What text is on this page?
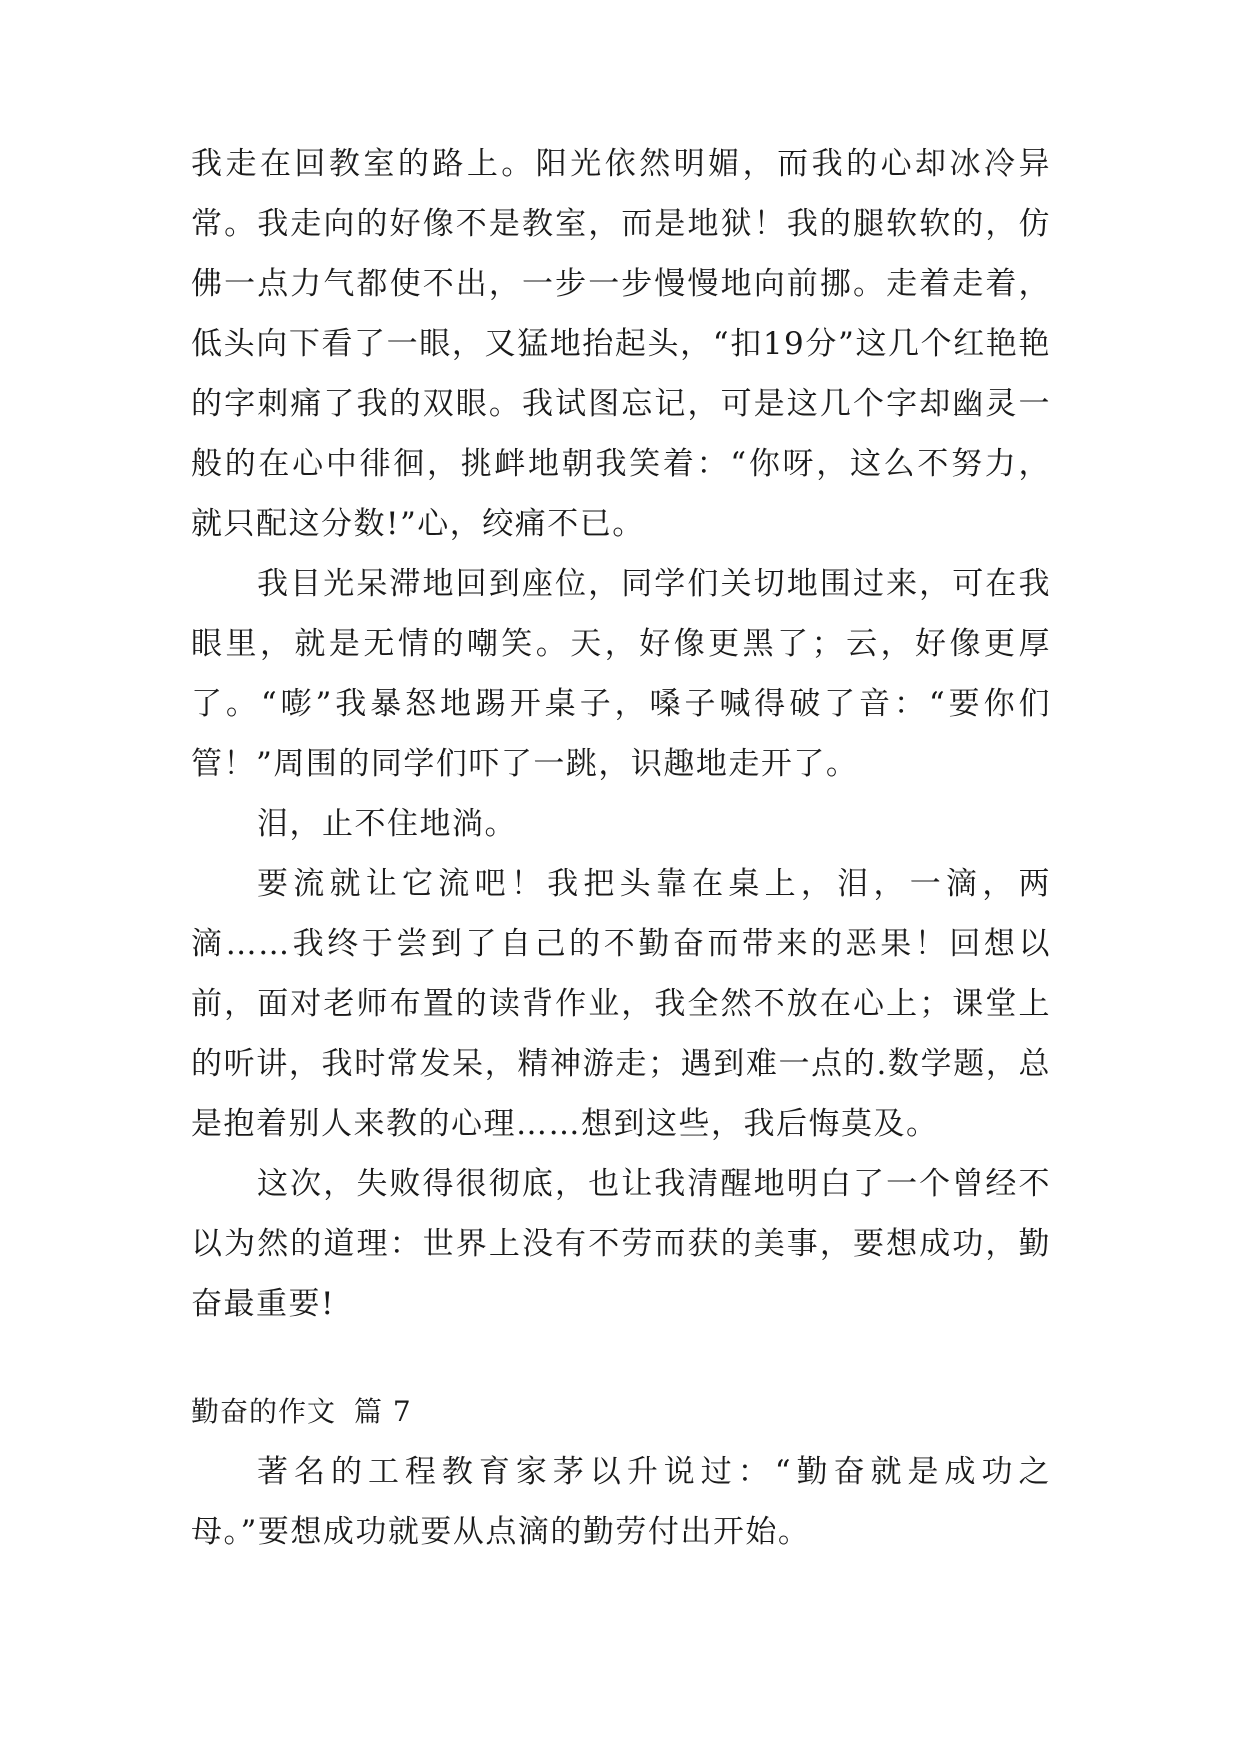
我走在回教室的路上。阳光依然明媚，而我的心却冰冷异常。我走向的好像不是教室，而是地狱！我的腿软软的，仿佛一点力气都使不出，一步一步慢慢地向前挪。走着走着，低头向下看了一眼，又猛地抬起头，“扣19分”这几个红艳艳的字刺痛了我的双眼。我试图忘记，可是这几个字却幽灵一般的在心中徘徊，挑衅地朝我笑着：“你呀，这么不努力，就只配这分数!”心，绞痛不已。

我目光呆滞地回到座位，同学们关切地围过来，可在我眼里，就是无情的嘲笑。天，好像更黑了；云，好像更厚了。“嘭”我暴怒地踢开桌子，嗓子喊得破了音：“要你们管！”周围的同学们吓了一跳，识趣地走开了。

泪，止不住地淌。

要流就让它流吧！我把头靠在桌上，泪，一滴，两滴……我终于尝到了自己的不勤奋而带来的恶果！回想以前，面对老师布置的读背作业，我全然不放在心上；课堂上的听讲，我时常发呆，精神游走；遇到难一点的.数学题，总是抱着别人来教的心理……想到这些，我后悔莫及。

这次，失败得很彻底，也让我清醒地明白了一个曾经不以为然的道理：世界上没有不劳而获的美事，要想成功，勤奋最重要!

勤奋的作文 篇 7

著名的工程教育家茅以升说过：“勤奋就是成功之母。”要想成功就要从点滴的勤劳付出开始。
